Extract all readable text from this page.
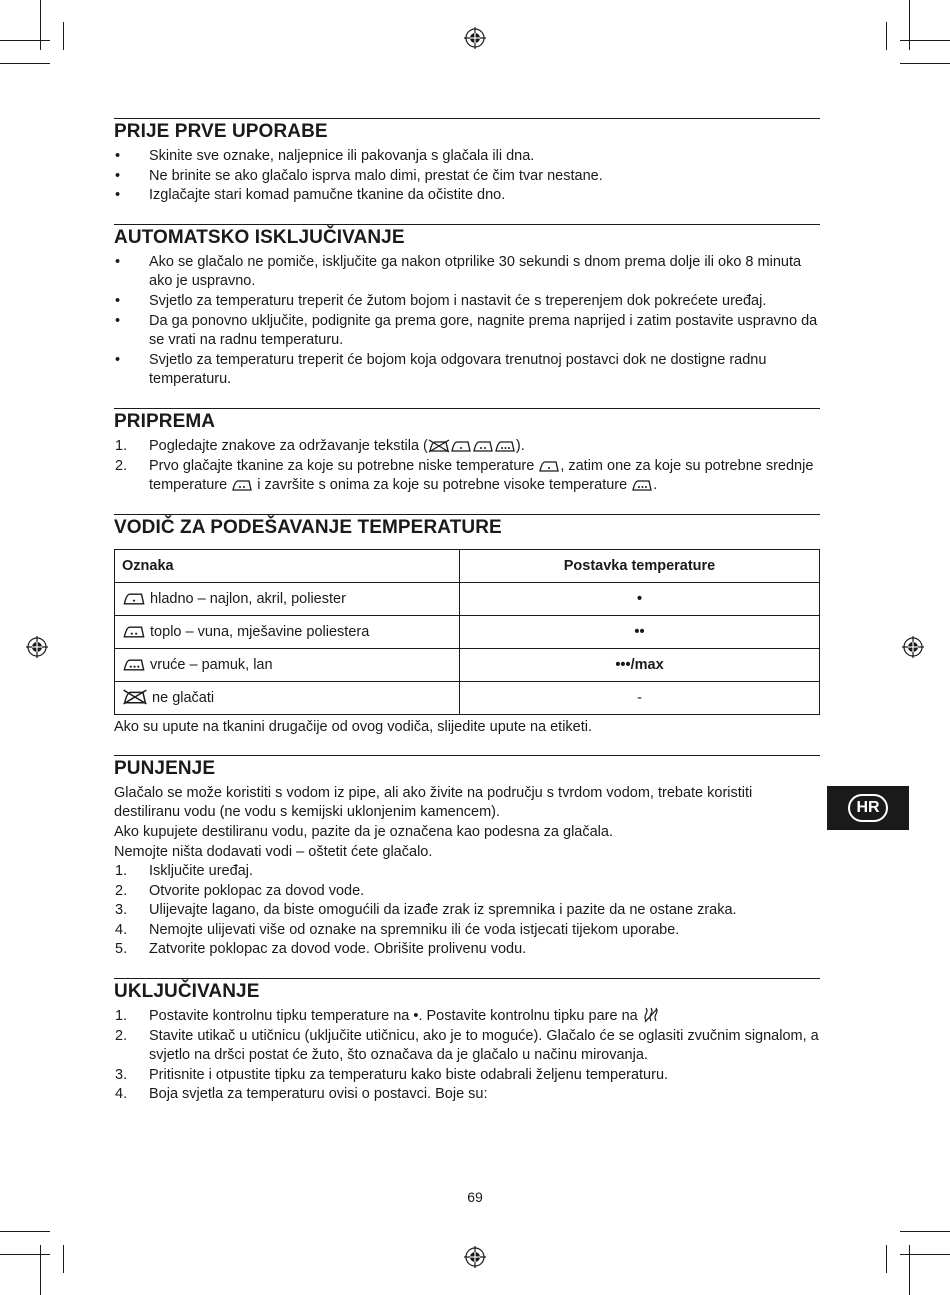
PRIJE PRVE UPORABE
•	Skinite sve oznake, naljepnice ili pakovanja s glačala ili dna.
•	Ne brinite se ako glačalo isprva malo dimi, prestat će čim tvar nestane.
•	Izglačajte stari komad pamučne tkanine da očistite dno.
AUTOMATSKO ISKLJUČIVANJE
•	Ako se glačalo ne pomiče, isključite ga nakon otprilike 30 sekundi s dnom prema dolje ili oko 8 minuta ako je uspravno.
•	Svjetlo za temperaturu treperit će žutom bojom i nastavit će s treperenjem dok pokrećete uređaj.
•	Da ga ponovno uključite, podignite ga prema gore, nagnite prema naprijed i zatim postavite uspravno da se vrati na radnu temperaturu.
•	Svjetlo za temperaturu treperit će bojom koja odgovara trenutnoj postavci dok ne dostigne radnu temperaturu.
PRIPREMA
1.	Pogledajte znakove za održavanje tekstila (	).
2.	Prvo glačajte tkanine za koje su potrebne niske temperature , zatim one za koje su potrebne srednje temperature i završite s onima za koje su potrebne visoke temperature .
VODIČ ZA PODEŠAVANJE TEMPERATURE
Oznaka	Postavka temperature
hladno – najlon, akril, poliester	•
toplo – vuna, mješavine poliestera	••
vruće – pamuk, lan	•••/max
ne glačati	-
Ako su upute na tkanini drugačije od ovog vodiča, slijedite upute na etiketi.
PUNJENJE
Glačalo se može koristiti s vodom iz pipe, ali ako živite na području s tvrdom vodom, trebate koristiti destiliranu vodu (ne vodu s kemijski uklonjenim kamencem).
Ako kupujete destiliranu vodu, pazite da je označena kao podesna za glačala.
Nemojte ništa dodavati vodi – oštetit ćete glačalo.
1.	Isključite uređaj.
2.	Otvorite poklopac za dovod vode.
3.	Ulijevajte lagano, da biste omogućili da izađe zrak iz spremnika i pazite da ne ostane zraka.
4.	Nemojte ulijevati više od oznake na spremniku ili će voda istjecati tijekom uporabe.
5.	Zatvorite poklopac za dovod vode. Obrišite prolivenu vodu.
UKLJUČIVANJE
1.	Postavite kontrolnu tipku temperature na •. Postavite kontrolnu tipku pare na
2.	Stavite utikač u utičnicu (uključite utičnicu, ako je to moguće). Glačalo će se oglasiti zvučnim signalom, a svjetlo na dršci postat će žuto, što označava da je glačalo u načinu mirovanja.
3.	Pritisnite i otpustite tipku za temperaturu kako biste odabrali željenu temperaturu.
4.	Boja svjetla za temperaturu ovisi o postavci. Boje su:
HR
69
